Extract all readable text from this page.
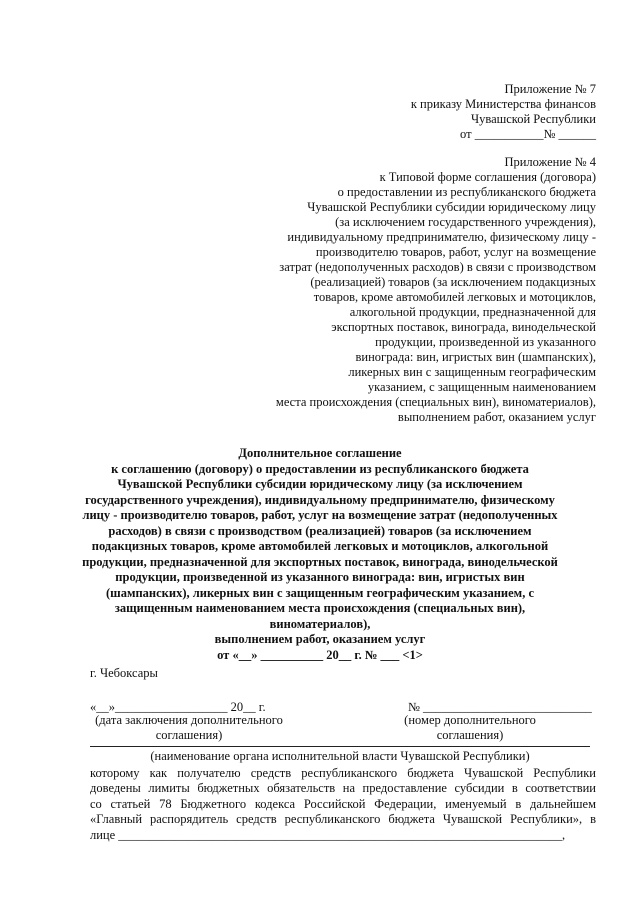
Приложение № 7
к приказу Министерства финансов
Чувашской Республики
от ___________№ ______
Приложение № 4
к Типовой форме соглашения (договора)
о предоставлении из республиканского бюджета
Чувашской Республики субсидии юридическому лицу
(за исключением государственного учреждения),
индивидуальному предпринимателю, физическому лицу -
производителю товаров, работ, услуг на возмещение
затрат (недополученных расходов) в связи с производством
(реализацией) товаров (за исключением подакцизных
товаров, кроме автомобилей легковых и мотоциклов,
алкогольной продукции, предназначенной для
экспортных поставок, винограда, винодельческой
продукции, произведенной из указанного
винограда: вин, игристых вин (шампанских),
ликерных вин с защищенным географическим
указанием, с защищенным наименованием
места происхождения (специальных вин), виноматериалов),
выполнением работ, оказанием услуг
Дополнительное соглашение
к соглашению (договору) о предоставлении из республиканского бюджета
Чувашской Республики субсидии юридическому лицу (за исключением
государственного учреждения), индивидуальному предпринимателю, физическому
лицу - производителю товаров, работ, услуг на возмещение затрат (недополученных
расходов) в связи с производством (реализацией) товаров (за исключением
подакцизных товаров, кроме автомобилей легковых и мотоциклов, алкогольной
продукции, предназначенной для экспортных поставок, винограда, винодельческой
продукции, произведенной из указанного винограда: вин, игристых вин
(шампанских), ликерных вин с защищенным географическим указанием, с
защищенным наименованием места происхождения (специальных вин),
виноматериалов),
выполнением работ, оказанием услуг
от «__» __________ 20__ г. № ___ <1>
г. Чебоксары
«__»__________________ 20__ г.
(дата заключения дополнительного
соглашения)
№ ___________________________
(номер дополнительного
соглашения)
(наименование органа исполнительной власти Чувашской Республики)
которому как получателю средств республиканского бюджета Чувашской Республики
доведены лимиты бюджетных обязательств на предоставление субсидии в соответствии
со статьей 78 Бюджетного кодекса Российской Федерации, именуемый в дальнейшем
«Главный распорядитель средств республиканского бюджета Чувашской Республики», в
лице _______________________________________________________________________,
